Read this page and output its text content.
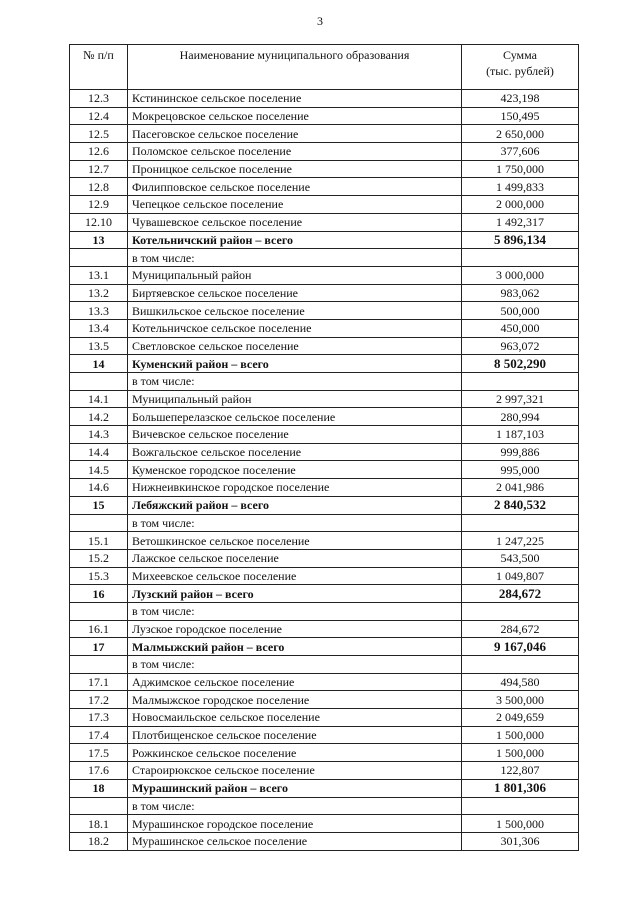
3
№ п/п	Наименование муниципального образования	Сумма
(тыс. рублей)

12.3	Кстининское сельское поселение	423,198
12.4	Мокрецовское сельское поселение	150,495
12.5	Пасеговское сельское поселение	2 650,000
12.6	Поломское сельское поселение	377,606
12.7	Проницкое сельское поселение	1 750,000
12.8	Филипповское сельское поселение	1 499,833
12.9	Чепецкое сельское поселение	2 000,000
12.10	Чувашевское сельское поселение	1 492,317
13	Котельничский район – всего	5 896,134
	в том числе:	
13.1	Муниципальный район	3 000,000
13.2	Биртяевское сельское поселение	983,062
13.3	Вишкильское сельское поселение	500,000
13.4	Котельничское сельское поселение	450,000
13.5	Светловское сельское поселение	963,072
14	Куменский район – всего	8 502,290
	в том числе:	
14.1	Муниципальный район	2 997,321
14.2	Большеперелазское сельское поселение	280,994
14.3	Вичевское сельское поселение	1 187,103
14.4	Вожгальское сельское поселение	999,886
14.5	Куменское городское поселение	995,000
14.6	Нижнеивкинское городское поселение	2 041,986
15	Лебяжский район – всего	2 840,532
	в том числе:	
15.1	Ветошкинское сельское поселение	1 247,225
15.2	Лажское сельское поселение	543,500
15.3	Михеевское сельское поселение	1 049,807
16	Лузский район – всего	284,672
	в том числе:	
16.1	Лузское городское поселение	284,672
17	Малмыжский район – всего	9 167,046
	в том числе:	
17.1	Аджимское сельское поселение	494,580
17.2	Малмыжское городское поселение	3 500,000
17.3	Новосмаильское сельское поселение	2 049,659
17.4	Плотбищенское сельское поселение	1 500,000
17.5	Рожкинское сельское поселение	1 500,000
17.6	Староирюкское сельское поселение	122,807
18	Мурашинский район – всего	1 801,306
	в том числе:	
18.1	Мурашинское городское поселение	1 500,000
18.2	Мурашинское сельское поселение	301,306
